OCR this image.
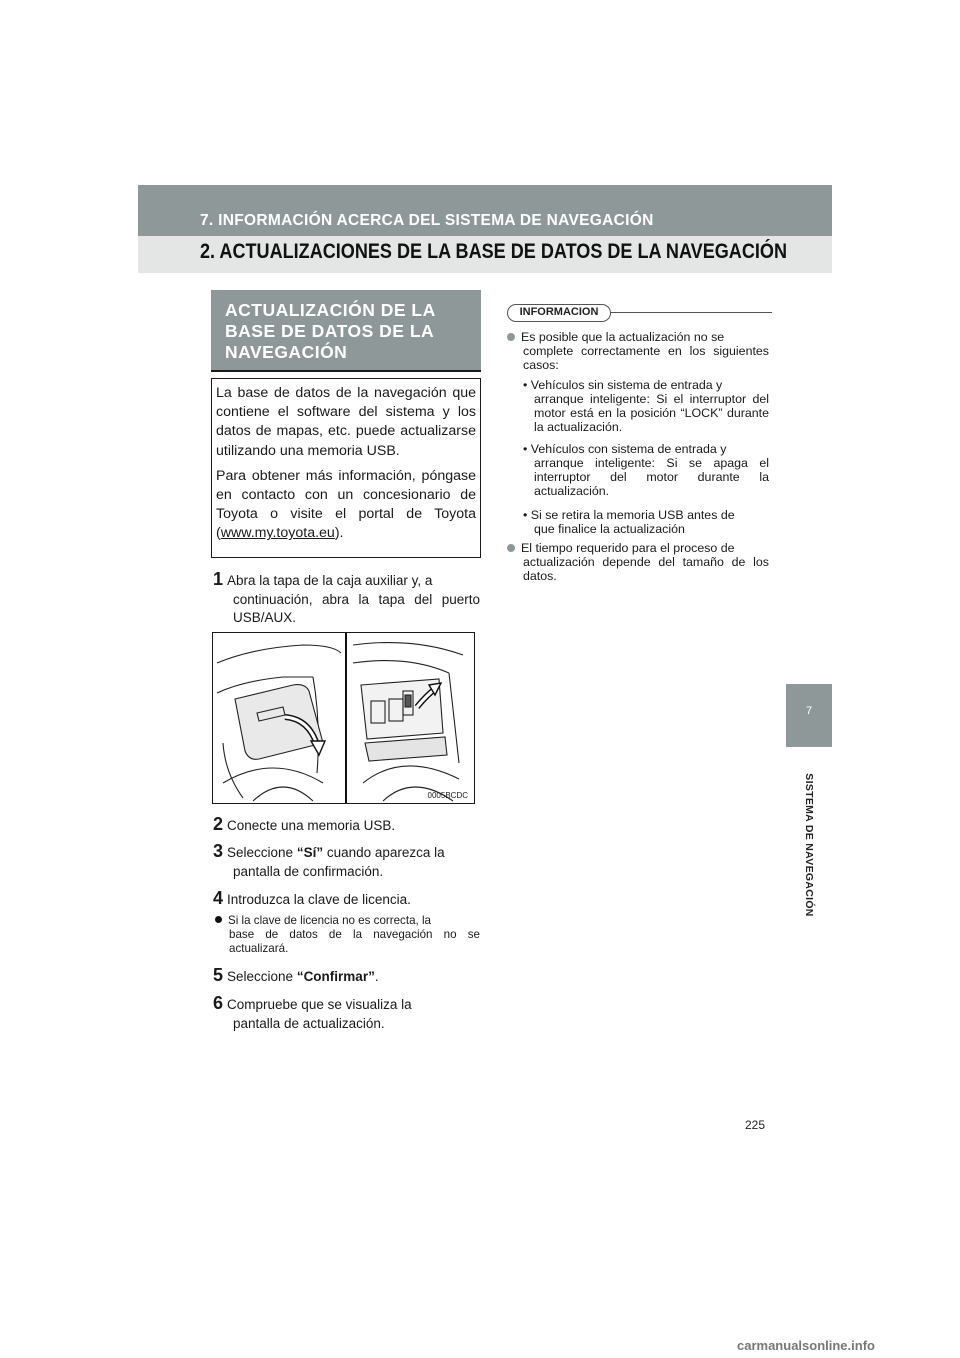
7. INFORMACIÓN ACERCA DEL SISTEMA DE NAVEGACIÓN
2. ACTUALIZACIONES DE LA BASE DE DATOS DE LA NAVEGACIÓN
7
SISTEMA DE NAVEGACIÓN
ACTUALIZACIÓN DE LA BASE DE DATOS DE LA NAVEGACIÓN

La base de datos de la navegación que contiene el software del sistema y los datos de mapas, etc. puede actualizarse utilizando una memoria USB.

Para obtener más información, póngase en contacto con un concesionario de Toyota o visite el portal de Toyota (www.my.toyota.eu).

1 Abra la tapa de la caja auxiliar y, a
continuación, abra la tapa del puerto USB/AUX.
0005BCDC
2 Conecte una memoria USB.
3 Seleccione “Sí” cuando aparezca la
pantalla de confirmación.
4 Introduzca la clave de licencia.
Si la clave de licencia no es correcta, la
base de datos de la navegación no se actualizará.
5 Seleccione “Confirmar”.
6 Compruebe que se visualiza la
pantalla de actualización.
INFORMACION
Es posible que la actualización no se
complete correctamente en los siguientes casos:
• Vehículos sin sistema de entrada y
arranque inteligente: Si el interruptor del motor está en la posición “LOCK” durante la actualización.
• Vehículos con sistema de entrada y
arranque inteligente: Si se apaga el interruptor del motor durante la actualización.
• Si se retira la memoria USB antes de
que finalice la actualización
El tiempo requerido para el proceso de
actualización depende del tamaño de los datos.
225
carmanualsonline.info
